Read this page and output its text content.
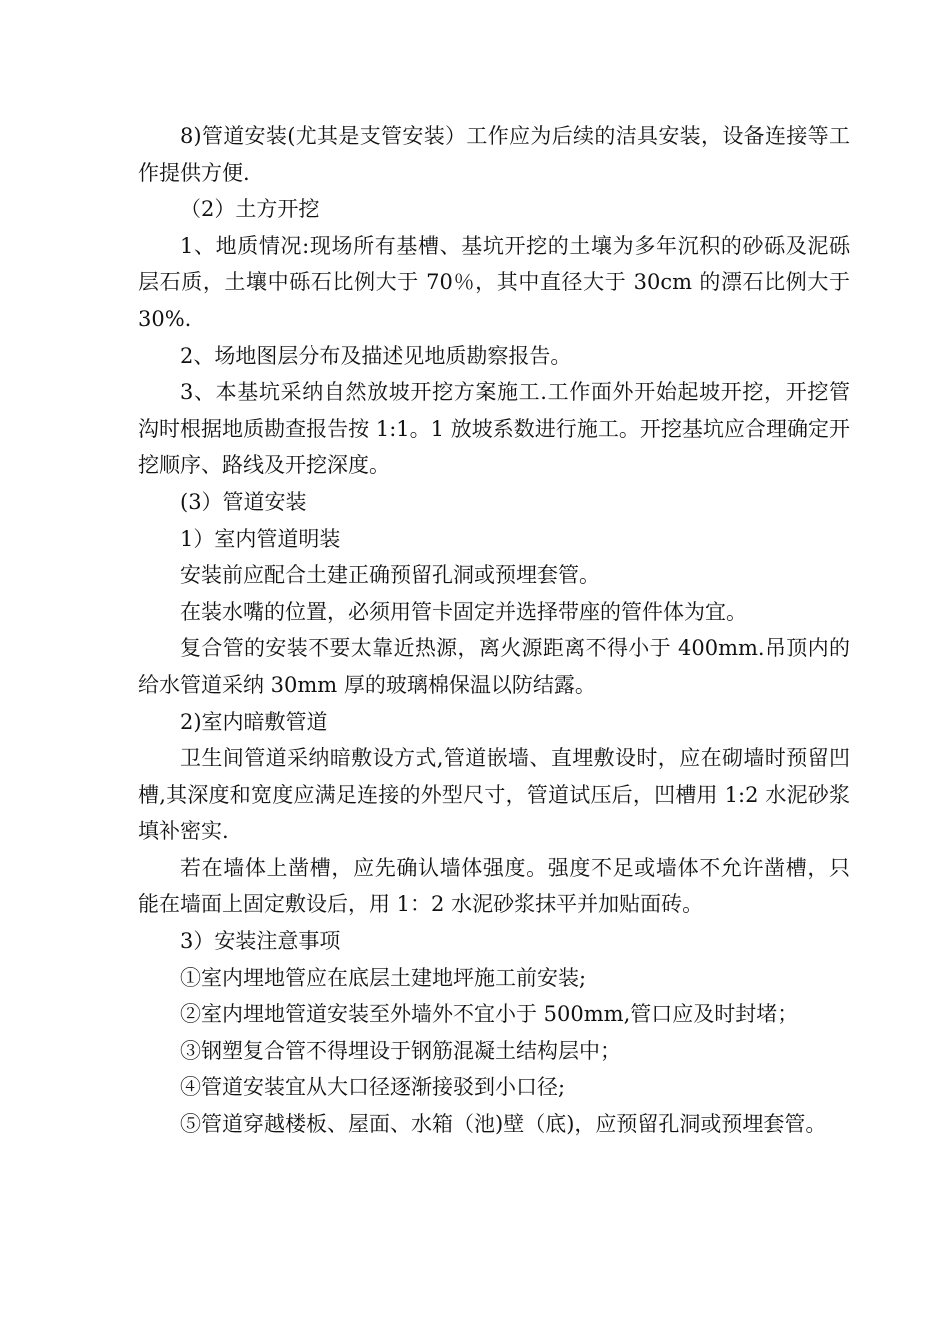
8)管道安装(尤其是支管安装）工作应为后续的洁具安装，设备连接等工作提供方便.

（2）土方开挖

1、地质情况:现场所有基槽、基坑开挖的土壤为多年沉积的砂砾及泥砾层石质，土壤中砾石比例大于 70％，其中直径大于 30cm 的漂石比例大于 30%.

2、场地图层分布及描述见地质勘察报告。

3、本基坑采纳自然放坡开挖方案施工.工作面外开始起坡开挖，开挖管沟时根据地质勘查报告按 1:1。1 放坡系数进行施工。开挖基坑应合理确定开挖顺序、路线及开挖深度。

(3）管道安装

1）室内管道明装

安装前应配合土建正确预留孔洞或预埋套管。

在装水嘴的位置，必须用管卡固定并选择带座的管件体为宜。

复合管的安装不要太靠近热源，离火源距离不得小于 400mm.吊顶内的给水管道采纳 30mm 厚的玻璃棉保温以防结露。

2)室内暗敷管道

卫生间管道采纳暗敷设方式,管道嵌墙、直埋敷设时，应在砌墙时预留凹槽,其深度和宽度应满足连接的外型尺寸，管道试压后，凹槽用 1:2 水泥砂浆填补密实.

若在墙体上凿槽，应先确认墙体强度。强度不足或墙体不允许凿槽，只能在墙面上固定敷设后，用 1：2 水泥砂浆抹平并加贴面砖。

3）安装注意事项

①室内埋地管应在底层土建地坪施工前安装;

②室内埋地管道安装至外墙外不宜小于 500mm,管口应及时封堵；

③钢塑复合管不得埋设于钢筋混凝土结构层中；

④管道安装宜从大口径逐渐接驳到小口径;

⑤管道穿越楼板、屋面、水箱（池)壁（底)，应预留孔洞或预埋套管。
